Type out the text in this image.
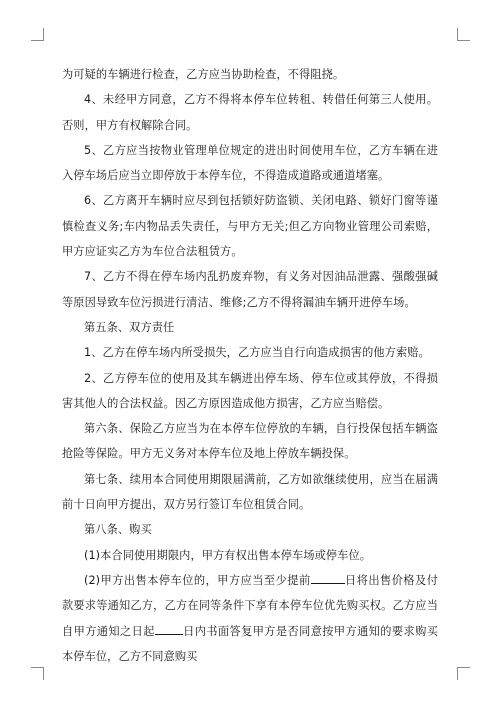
为可疑的车辆进行检查，乙方应当协助检查，不得阻挠。

4、未经甲方同意，乙方不得将本停车位转租、转借任何第三人使用。否则，甲方有权解除合同。

5、乙方应当按物业管理单位规定的进出时间使用车位，乙方车辆在进入停车场后应当立即停放于本停车位，不得造成道路或通道堵塞。

6、乙方离开车辆时应尽到包括锁好防盗锁、关闭电路、锁好门窗等谨慎检查义务;车内物品丢失责任，与甲方无关;但乙方向物业管理公司索赔，甲方应证实乙方为车位合法租赁方。

7、乙方不得在停车场内乱扔废弃物，有义务对因油品泄露、强酸强碱等原因导致车位污损进行清洁、维修;乙方不得将漏油车辆开进停车场。

第五条、双方责任

1、乙方在停车场内所受损失，乙方应当自行向造成损害的他方索赔。

2、乙方停车位的使用及其车辆进出停车场、停车位或其停放，不得损害其他人的合法权益。因乙方原因造成他方损害，乙方应当赔偿。

第六条、保险乙方应当为在本停车位停放的车辆，自行投保包括车辆盗抢险等保险。甲方无义务对本停车位及地上停放车辆投保。

第七条、续用本合同使用期限届满前，乙方如欲继续使用，应当在届满前十日向甲方提出，双方另行签订车位租赁合同。

第八条、购买

(1)本合同使用期限内，甲方有权出售本停车场或停车位。

(2)甲方出售本停车位的，甲方应当至少提前	日将出售价格及付款要求等通知乙方，乙方在同等条件下享有本停车位优先购买权。乙方应当自甲方通知之日起	日内书面答复甲方是否同意按甲方通知的要求购买本停车位，乙方不同意购买
